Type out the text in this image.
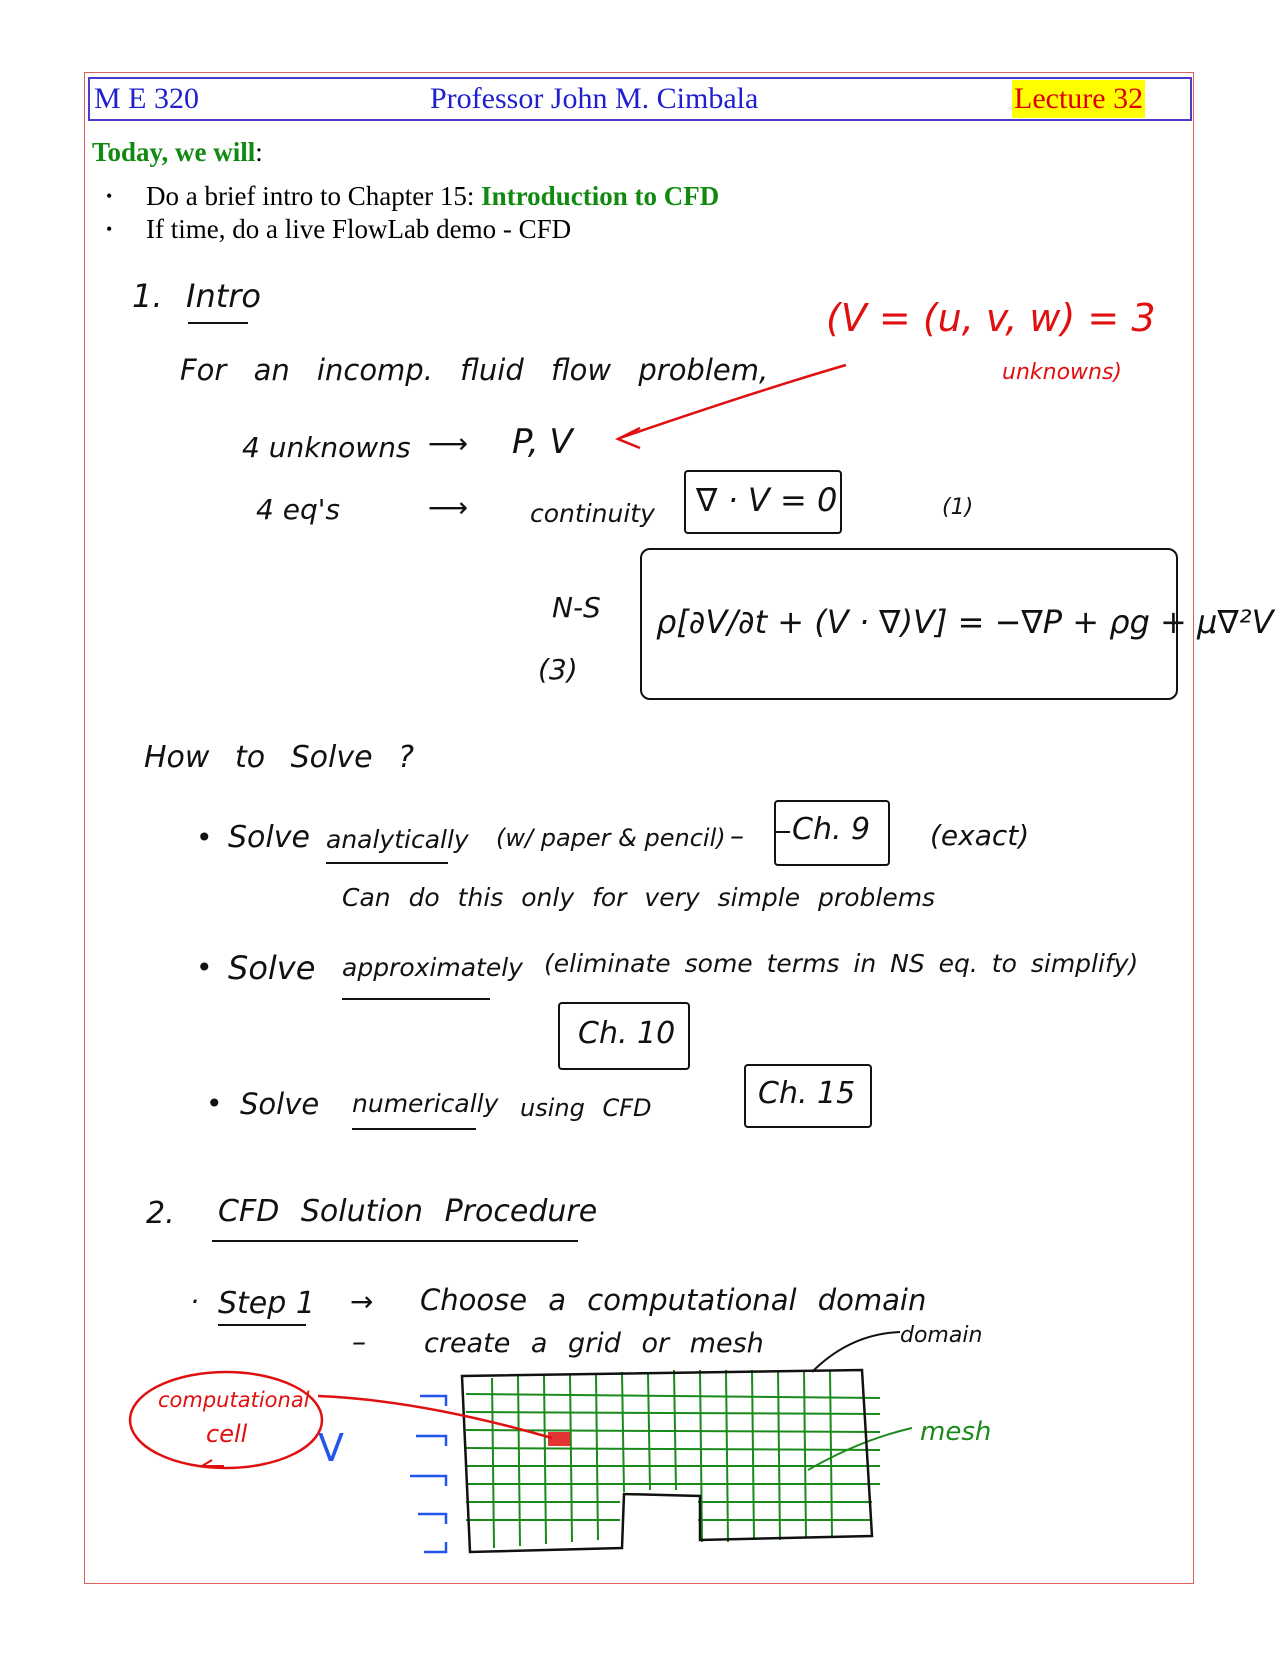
M E 320	Professor John M. Cimbala	Lecture 32
Today, we will:
• Do a brief intro to Chapter 15: Introduction to CFD
• If time, do a live FlowLab demo - CFD
1. Intro
For an incomp. fluid flow problem,
(V = (u, v, w) = 3
unknowns)
4 unknowns ⟶ P, V
4 eq's	⟶ continuity ∇ · V = 0	(1)
N-S
(3)
ρ[∂V/∂t + (V · ∇)V] = −∇P + ρg + μ∇²V
How to Solve ?
• Solve analytically (w/ paper & pencil) – Ch. 9 (exact)
Can do this only for very simple problems
• Solve approximately (eliminate some terms in NS eq. to simplify)
Ch. 10
• Solve numerically using CFD	Ch. 15
2. CFD Solution Procedure
· Step 1 → Choose a computational domain
– create a grid or mesh	domain
mesh
computational
cell V
